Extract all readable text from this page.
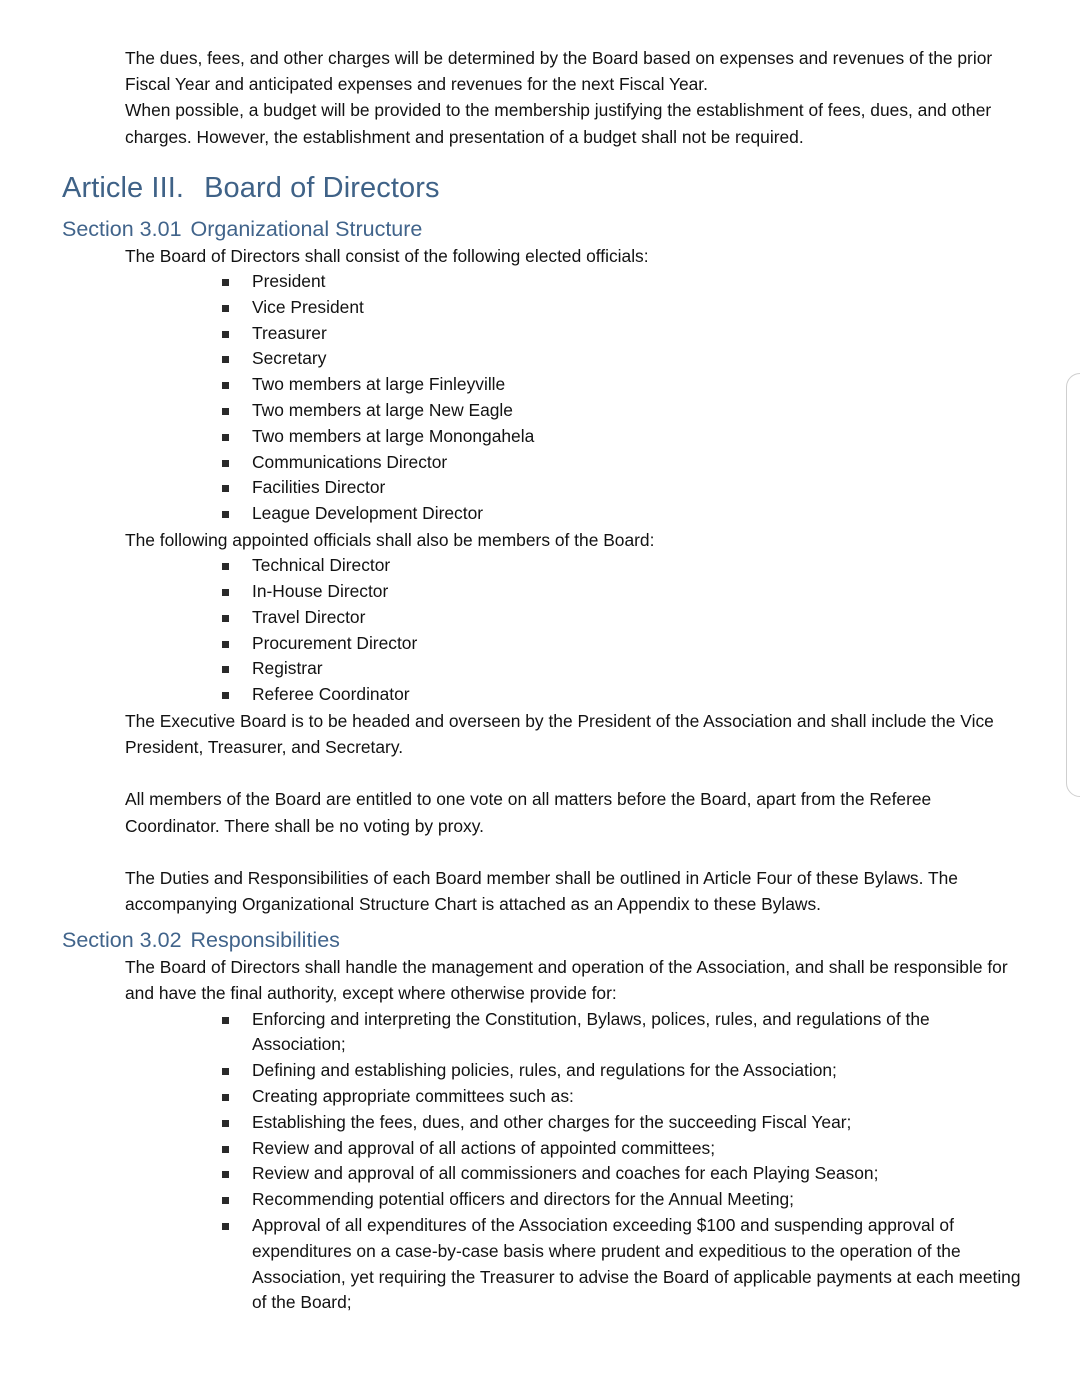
The dues, fees, and other charges will be determined by the Board based on expenses and revenues of the prior Fiscal Year and anticipated expenses and revenues for the next Fiscal Year.

When possible, a budget will be provided to the membership justifying the establishment of fees, dues, and other charges. However, the establishment and presentation of a budget shall not be required.

Article III. Board of Directors
Section 3.01 Organizational Structure

The Board of Directors shall consist of the following elected officials:

President
Vice President
Treasurer
Secretary
Two members at large Finleyville
Two members at large New Eagle
Two members at large Monongahela
Communications Director
Facilities Director
League Development Director

The following appointed officials shall also be members of the Board:

Technical Director
In-House Director
Travel Director
Procurement Director
Registrar
Referee Coordinator

The Executive Board is to be headed and overseen by the President of the Association and shall include the Vice President, Treasurer, and Secretary.

All members of the Board are entitled to one vote on all matters before the Board, apart from the Referee Coordinator. There shall be no voting by proxy.

The Duties and Responsibilities of each Board member shall be outlined in Article Four of these Bylaws. The accompanying Organizational Structure Chart is attached as an Appendix to these Bylaws.

Section 3.02 Responsibilities

The Board of Directors shall handle the management and operation of the Association, and shall be responsible for and have the final authority, except where otherwise provide for:

Enforcing and interpreting the Constitution, Bylaws, polices, rules, and regulations of the Association;
Defining and establishing policies, rules, and regulations for the Association;
Creating appropriate committees such as:
Establishing the fees, dues, and other charges for the succeeding Fiscal Year;
Review and approval of all actions of appointed committees;
Review and approval of all commissioners and coaches for each Playing Season;
Recommending potential officers and directors for the Annual Meeting;
Approval of all expenditures of the Association exceeding $100 and suspending approval of expenditures on a case-by-case basis where prudent and expeditious to the operation of the Association, yet requiring the Treasurer to advise the Board of applicable payments at each meeting of the Board;
